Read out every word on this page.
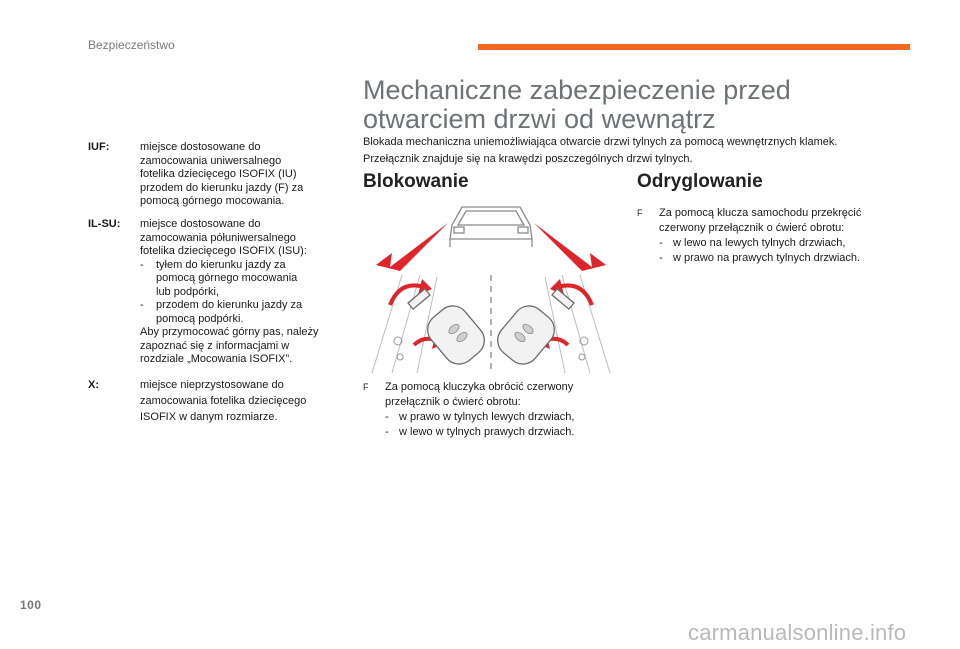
Bezpieczeństwo
IUF:	miejsce dostosowane do
zamocowania uniwersalnego
fotelika dziecięcego ISOFIX (IU)
przodem do kierunku jazdy (F) za
pomocą górnego mocowania.
IL-SU: miejsce dostosowane do
zamocowania półuniwersalnego
fotelika dziecięcego ISOFIX (ISU):
-	tyłem do kierunku jazdy za
pomocą górnego mocowania
lub podpórki,
-	przodem do kierunku jazdy za
pomocą podpórki.
Aby przymocować górny pas, należy
zapoznać się z informacjami w
rozdziale „Mocowania ISOFIX”.
X:	miejsce nieprzystosowane do
zamocowania fotelika dziecięcego
ISOFIX w danym rozmiarze.
Mechaniczne zabezpieczenie przed
otwarciem drzwi od wewnątrz
Blokada mechaniczna uniemożliwiająca otwarcie drzwi tylnych za pomocą wewnętrznych klamek.
Przełącznik znajduje się na krawędzi poszczególnych drzwi tylnych.
Blokowanie
F	Za pomocą kluczyka obrócić czerwony
przełącznik o ćwierć obrotu:
- w prawo w tylnych lewych drzwiach,
- w lewo w tylnych prawych drzwiach.
Odryglowanie
F	Za pomocą klucza samochodu przekręcić
czerwony przełącznik o ćwierć obrotu:
- w lewo na lewych tylnych drzwiach,
- w prawo na prawych tylnych drzwiach.
100
carmanualsonline.info
